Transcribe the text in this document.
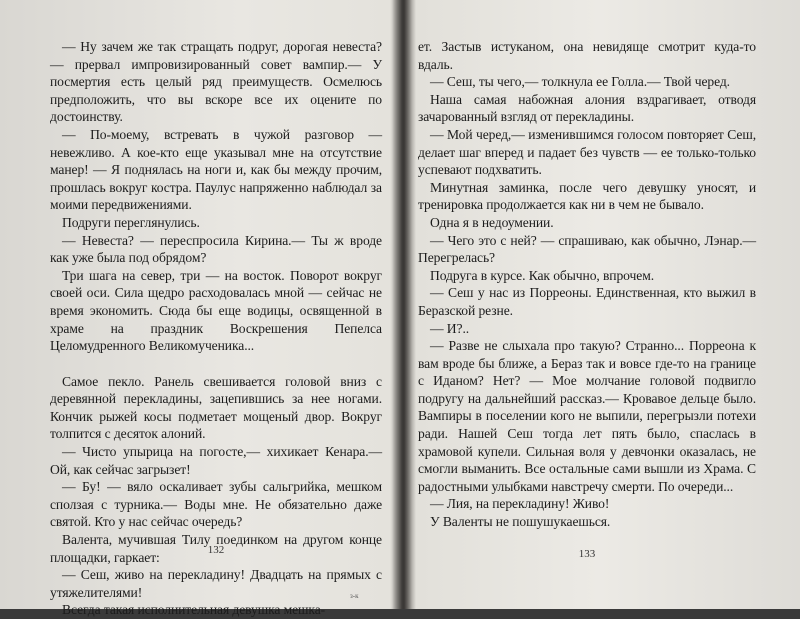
— Ну зачем же так стращать подруг, дорогая невеста? — прервал импровизированный совет вампир.— У посмертия есть целый ряд преимуществ. Осмелюсь предположить, что вы вскоре все их оцените по достоинству.

— По-моему, встревать в чужой разговор — невежливо. А кое-кто еще указывал мне на отсутствие манер! — Я поднялась на ноги и, как бы между прочим, прошлась вокруг костра. Паулус напряженно наблюдал за моими передвижениями.

Подруги переглянулись.

— Невеста? — переспросила Кирина.— Ты ж вроде как уже была под обрядом?

Три шага на север, три — на восток. Поворот вокруг своей оси. Сила щедро расходовалась мной — сейчас не время экономить. Сюда бы еще водицы, освященной в храме на праздник Воскрешения Пепелса Целомудренного Великомученика...

Самое пекло. Ранель свешивается головой вниз с деревянной перекладины, зацепившись за нее ногами. Кончик рыжей косы подметает мощеный двор. Вокруг толпится с десяток алоний.

— Чисто упырица на погосте,— хихикает Кенара.— Ой, как сейчас загрызет!

— Бу! — вяло оскаливает зубы сальгрийка, мешком сползая с турника.— Воды мне. Не обязательно даже святой. Кто у нас сейчас очередь?

Валента, мучившая Тилу поединком на другом конце площадки, гаркает:

— Сеш, живо на перекладину! Двадцать на прямых с утяжелителями!

Всегда такая исполнительная девушка мешка-

132
з-к

ет. Застыв истуканом, она невидяще смотрит куда-то вдаль.

— Сеш, ты чего,— толкнула ее Голла.— Твой черед.

Наша самая набожная алония вздрагивает, отводя зачарованный взгляд от перекладины.

— Мой черед,— изменившимся голосом повторяет Сеш, делает шаг вперед и падает без чувств — ее только-только успевают подхватить.

Минутная заминка, после чего девушку уносят, и тренировка продолжается как ни в чем не бывало.

Одна я в недоумении.

— Чего это с ней? — спрашиваю, как обычно, Лэнар.— Перегрелась?

Подруга в курсе. Как обычно, впрочем.

— Сеш у нас из Порреоны. Единственная, кто выжил в Беразской резне.

— И?..

— Разве не слыхала про такую? Странно... Порреона к вам вроде бы ближе, а Бераз так и вовсе где-то на границе с Иданом? Нет? — Мое молчание головой подвигло подругу на дальнейший рассказ.— Кровавое дельце было. Вампиры в поселении кого не выпили, перегрызли потехи ради. Нашей Сеш тогда лет пять было, спаслась в храмовой купели. Сильная воля у девчонки оказалась, не смогли выманить. Все остальные сами вышли из Храма. С радостными улыбками навстречу смерти. По очереди...

— Лия, на перекладину! Живо!

У Валенты не пошушукаешься.

133
